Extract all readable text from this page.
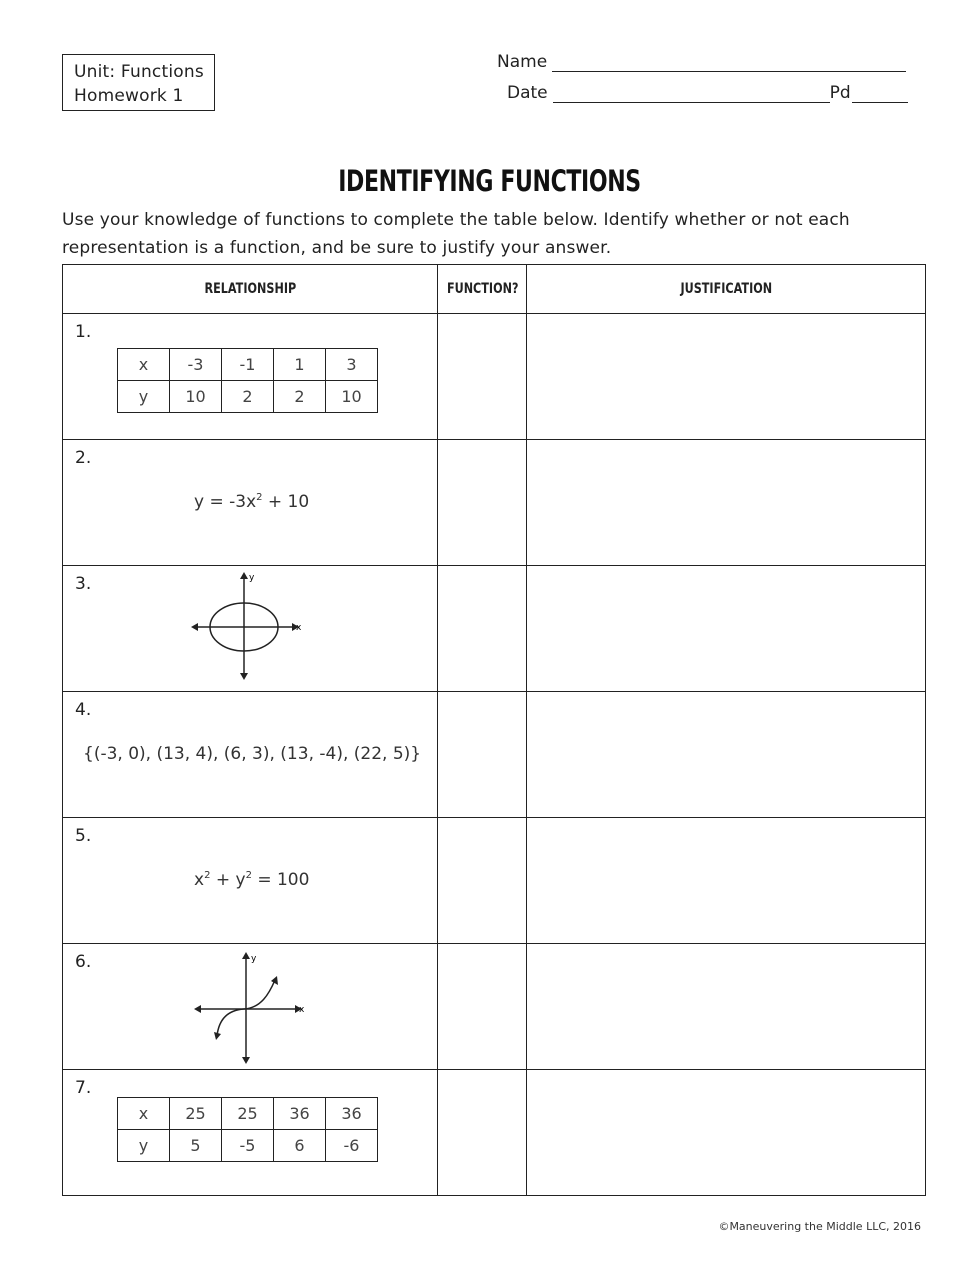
Unit: Functions
Homework 1
Name
Date	Pd
IDENTIFYING FUNCTIONS
Use your knowledge of functions to complete the table below. Identify whether or not each representation is a function, and be sure to justify your answer.
RELATIONSHIP	FUNCTION?	JUSTIFICATION

1.
x	-3	-1	1	3
y	10	2	2	10

2.
$y = -3x^2 + 10$

3.	y
x

4.
{(-3, 0), (13, 4), (6, 3), (13, -4), (22, 5)}

5.
$x^2 + y^2 = 100$

6.	y
x

7.
x	25	25	36	36
y	5	-5	6	-6

©Maneuvering the Middle LLC, 2016
